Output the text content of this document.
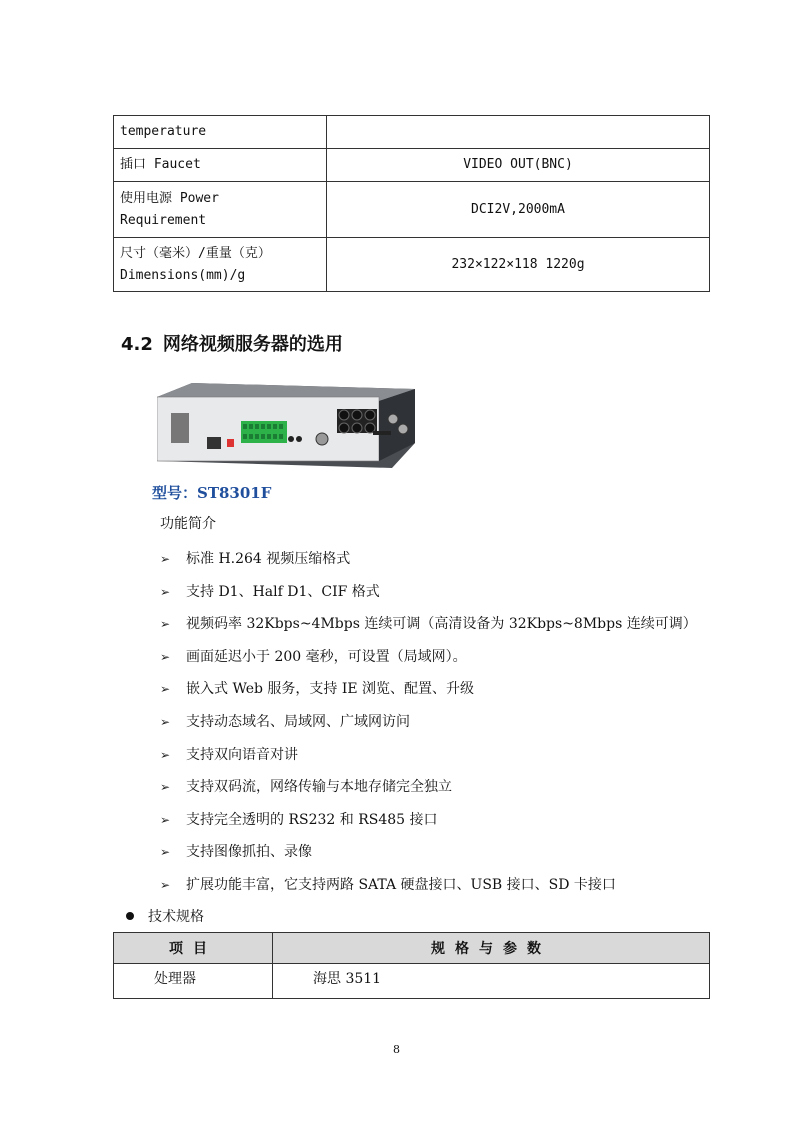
temperature	
插口 Faucet	VIDEO OUT(BNC)

使用电源 Power
Requirement	DCI2V,2000mA

尺寸（毫米）/重量（克）
Dimensions(mm)/g	232×122×118 1220g
4.2 网络视频服务器的选用
型号：ST8301F
功能简介
➢	标准 H.264 视频压缩格式
➢	支持 D1、Half D1、CIF 格式
➢	视频码率 32Kbps~4Mbps 连续可调（高清设备为 32Kbps~8Mbps 连续可调）
➢	画面延迟小于 200 毫秒，可设置（局域网）。
➢	嵌入式 Web 服务，支持 IE 浏览、配置、升级
➢	支持动态域名、局域网、广域网访问
➢	支持双向语音对讲
➢	支持双码流，网络传输与本地存储完全独立
➢	支持完全透明的 RS232 和 RS485 接口
➢	支持图像抓拍、录像
➢	扩展功能丰富，它支持两路 SATA 硬盘接口、USB 接口、SD 卡接口
技术规格
项目	规格与参数
处理器	海思 3511
8
